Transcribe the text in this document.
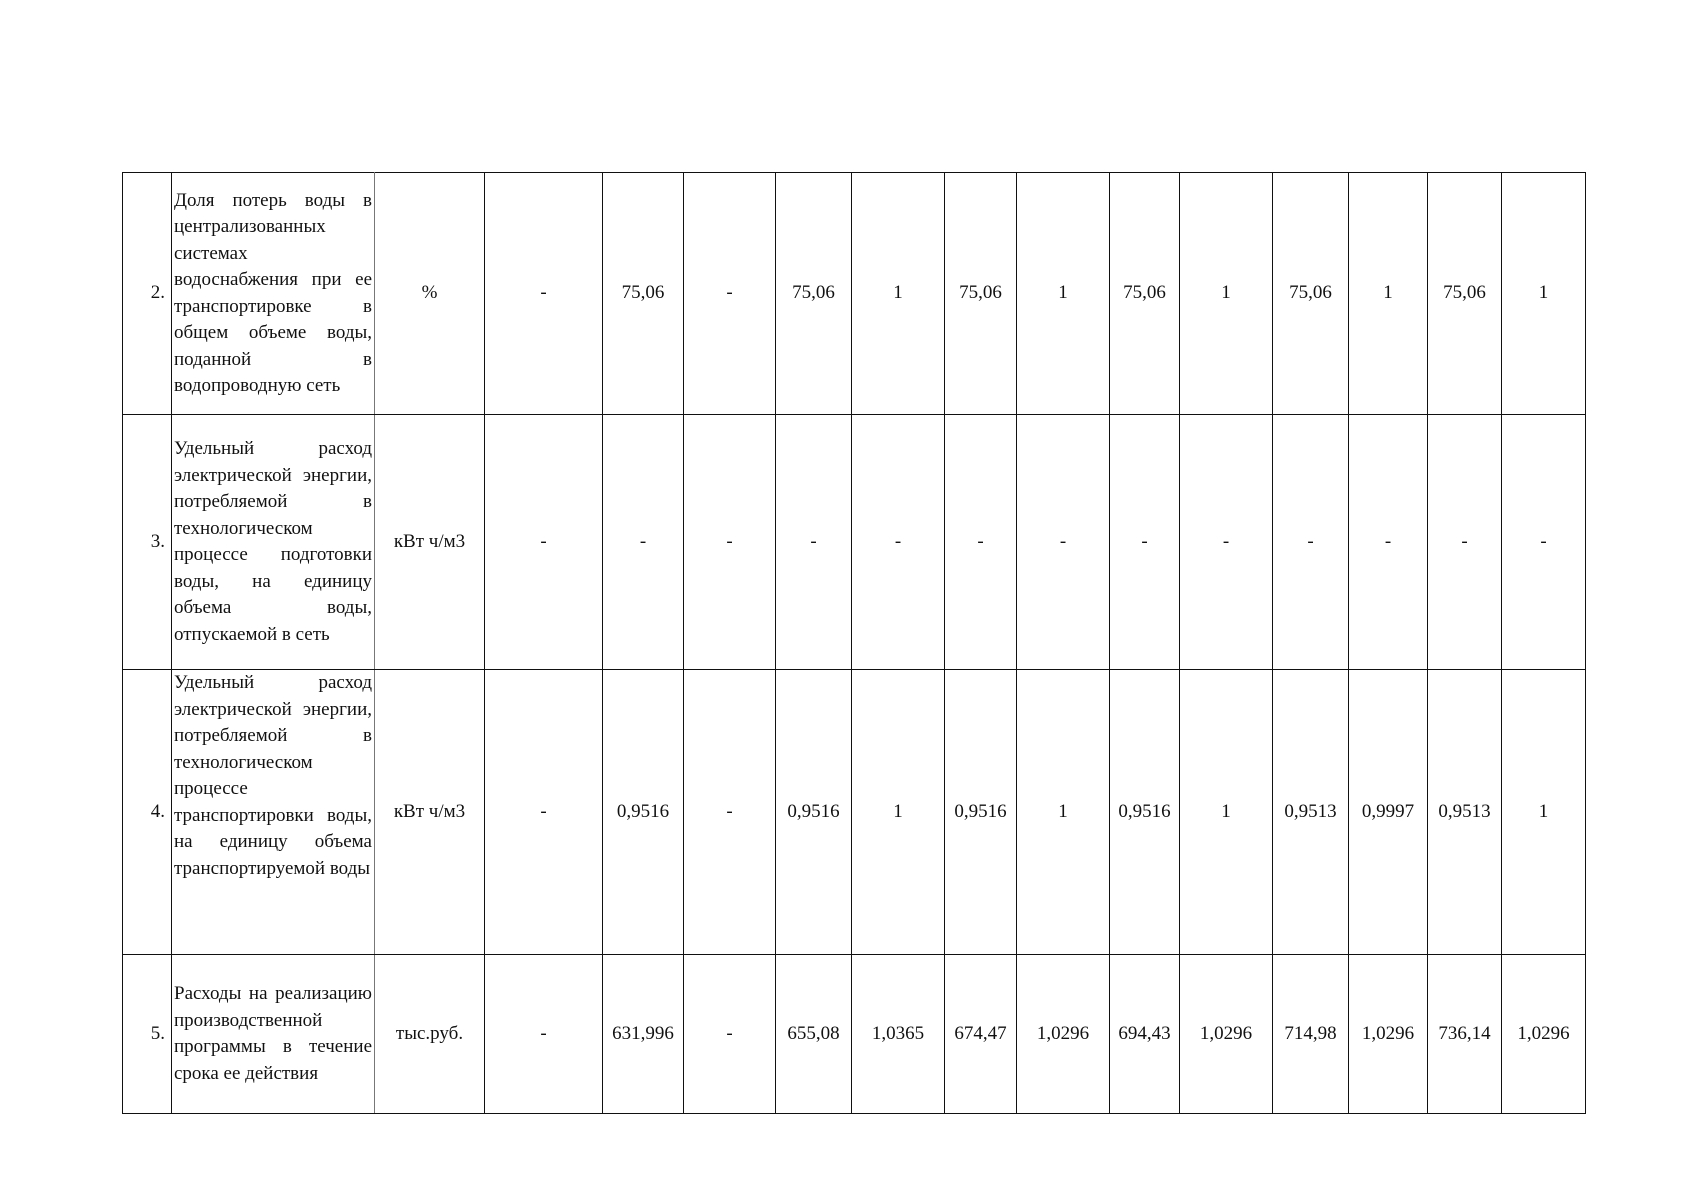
2.	Доля потерь воды в централизованных системах водоснабжения при ее транспортировке в общем объеме воды, поданной в водопроводную сеть	%	-	75,06	-	75,06	1	75,06	1	75,06	1	75,06	1	75,06	1
3.	Удельный расход электрической энергии, потребляемой в технологическом процессе подготовки воды, на единицу объема воды, отпускаемой в сеть	кВт ч/м3	-	-	-	-	-	-	-	-	-	-	-	-	-
4.	Удельный расход электрической энергии, потребляемой в технологическом процессе транспортировки воды, на единицу объема транспортируемой воды	кВт ч/м3	-	0,9516	-	0,9516	1	0,9516	1	0,9516	1	0,9513	0,9997	0,9513	1
5.	Расходы на реализацию производственной программы в течение срока ее действия	тыс.руб.	-	631,996	-	655,08	1,0365	674,47	1,0296	694,43	1,0296	714,98	1,0296	736,14	1,0296
